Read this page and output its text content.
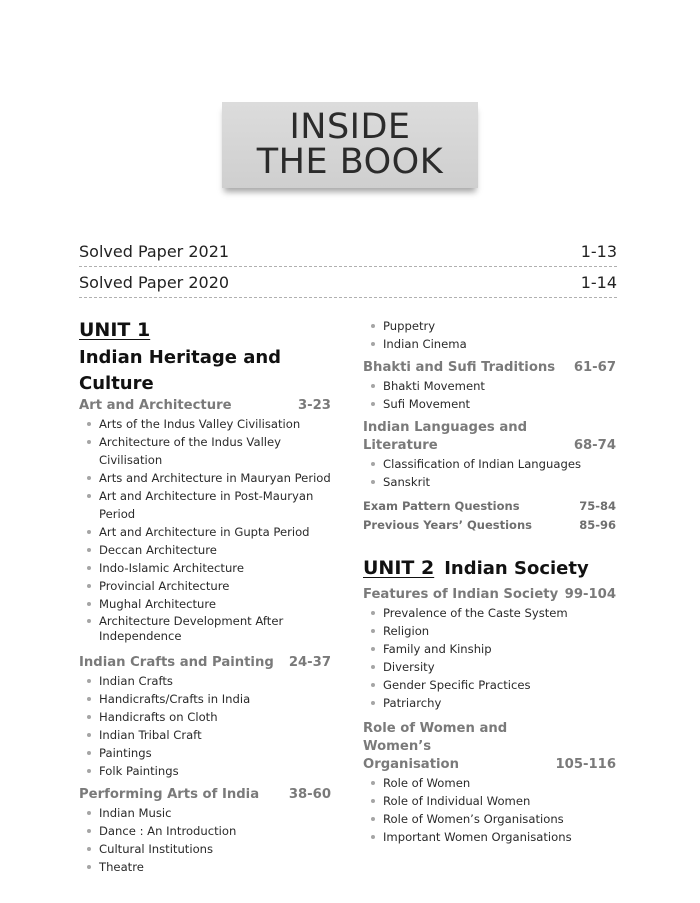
INSIDE
THE BOOK
Solved Paper 2021	1-13
Solved Paper 2020	1-14
UNIT 1
Indian Heritage and Culture
Art and Architecture	3-23
Arts of the Indus Valley Civilisation
Architecture of the Indus Valley Civilisation
Arts and Architecture in Mauryan Period
Art and Architecture in Post-Mauryan Period
Art and Architecture in Gupta Period
Deccan Architecture
Indo-Islamic Architecture
Provincial Architecture
Mughal Architecture
Architecture Development After Independence
Indian Crafts and Painting 24-37
Indian Crafts
Handicrafts/Crafts in India
Handicrafts on Cloth
Indian Tribal Craft
Paintings
Folk Paintings
Performing Arts of India 38-60
Indian Music
Dance : An Introduction
Cultural Institutions
Theatre
Puppetry
Indian Cinema
Bhakti and Sufi Traditions 61-67
Bhakti Movement
Sufi Movement
Indian Languages and Literature	68-74
Classification of Indian Languages
Sanskrit
Exam Pattern Questions	75-84
Previous Years’ Questions	85-96
UNIT 2 Indian Society
Features of Indian Society 99-104
Prevalence of the Caste System
Religion
Family and Kinship
Diversity
Gender Specific Practices
Patriarchy
Role of Women and Women’s
Organisation	105-116
Role of Women
Role of Individual Women
Role of Women’s Organisations
Important Women Organisations
